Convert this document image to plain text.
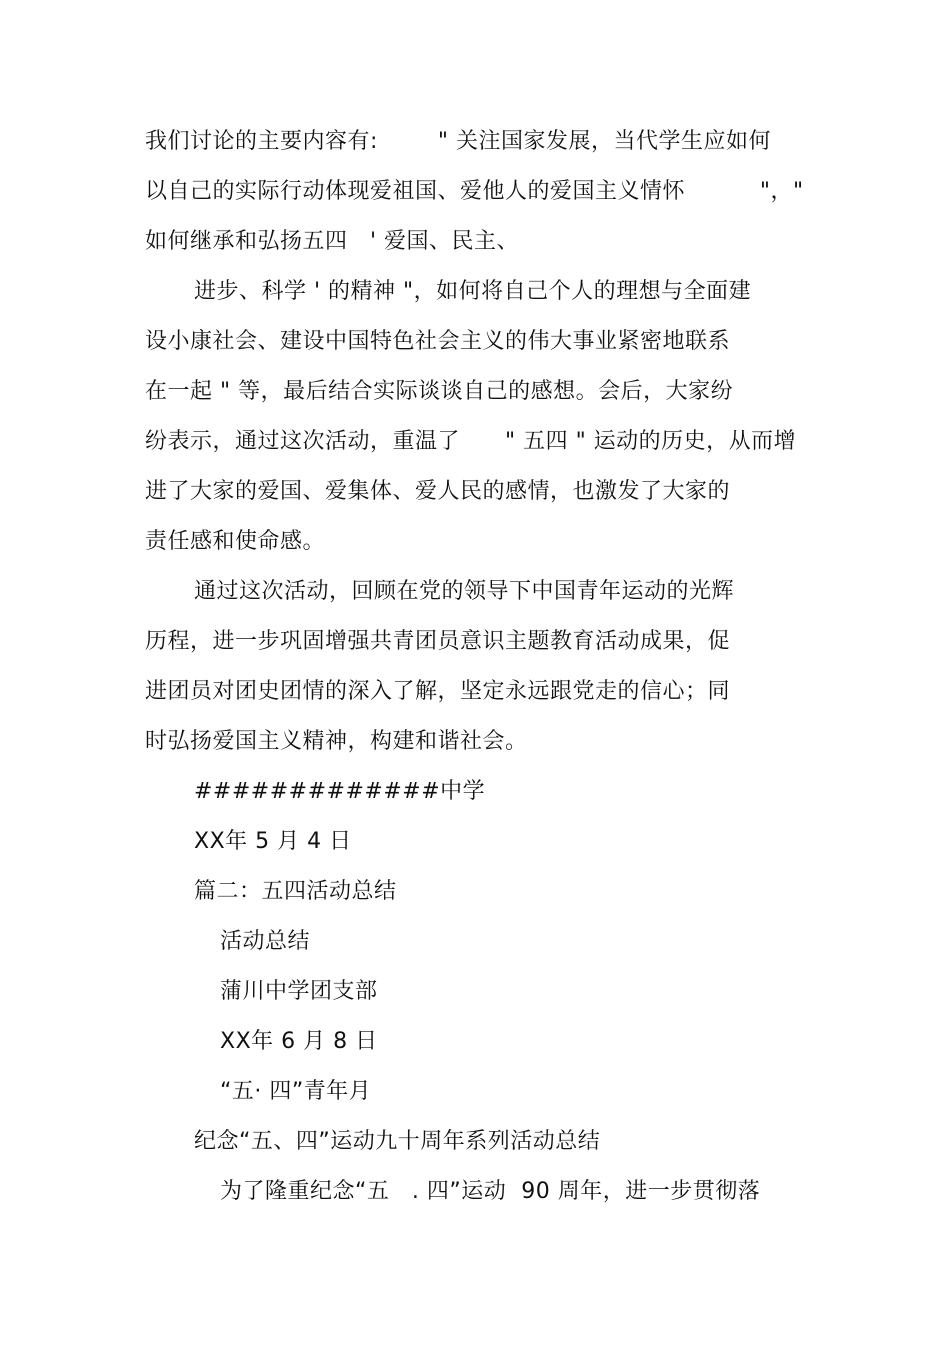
我们讨论的主要内容有:        " 关注国家发展，当代学生应如何
以自己的实际行动体现爱祖国、爱他人的爱国主义情怀          "，"
如何继承和弘扬五四   ' 爱国、民主、
进步、科学 ' 的精神 "，如何将自己个人的理想与全面建
设小康社会、建设中国特色社会主义的伟大事业紧密地联系
在一起 " 等，最后结合实际谈谈自己的感想。会后，大家纷
纷表示，通过这次活动，重温了      " 五四 " 运动的历史，从而增
进了大家的爱国、爱集体、爱人民的感情，也激发了大家的
责任感和使命感。
通过这次活动，回顾在党的领导下中国青年运动的光辉
历程，进一步巩固增强共青团员意识主题教育活动成果，促
进团员对团史团情的深入了解，坚定永远跟党走的信心；同
时弘扬爱国主义精神，构建和谐社会。
#############中学
XX年 5 月 4 日
篇二：五四活动总结
活动总结
蒲川中学团支部
XX年 6 月 8 日
“五· 四”青年月
纪念“五、四”运动九十周年系列活动总结
为了隆重纪念“五   . 四”运动  90 周年，进一步贯彻落
